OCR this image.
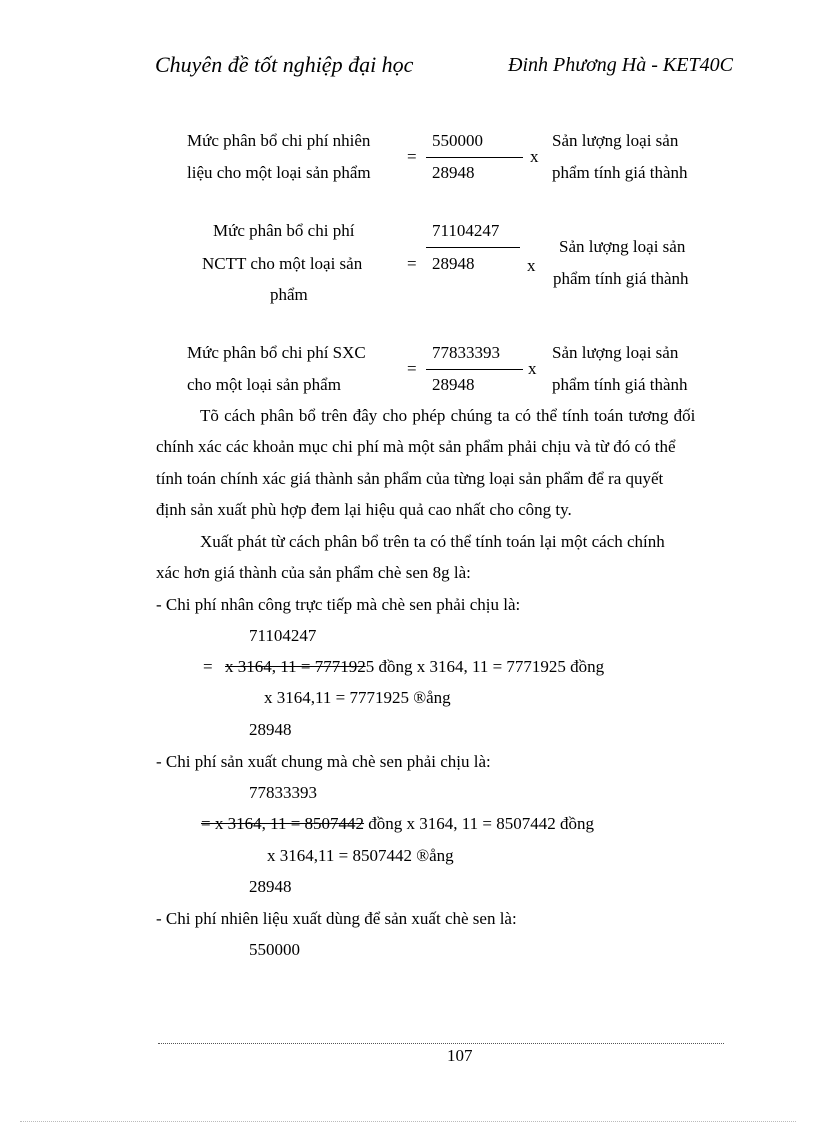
Chuyên đề tốt nghiệp đại học	Đinh Phương Hà - KET40C
Mức phân bổ chi phí nhiên
liệu cho một loại sản phẩm
=
550000
28948
x
Sản lượng loại sản
phẩm tính giá thành
Mức phân bổ chi phí
NCTT cho một loại sản
phẩm
=
71104247
28948	x
Sản lượng loại sản
phẩm tính giá thành
Mức phân bổ chi phí SXC
cho một loại sản phẩm
=
77833393
28948
x
Sản lượng loại sản
phẩm tính giá thành
Tõ cách phân bổ trên đây cho phép chúng ta có thể tính toán tương đối
chính xác các khoản mục chi phí mà một sản phẩm phải chịu và từ đó có thể
tính toán chính xác giá thành sản phẩm của từng loại sản phẩm để ra quyết
định sản xuất phù hợp đem lại hiệu quả cao nhất cho công ty.
Xuất phát từ cách phân bổ trên ta có thể tính toán lại một cách chính
xác hơn giá thành của sản phẩm chè sen 8g là:
- Chi phí nhân công trực tiếp mà chè sen phải chịu là:
71104247
= x 3164, 11 = 7771925 đồng x 3164, 11 = 7771925 đồng
x 3164,11 = 7771925 ®ång
28948
- Chi phí sản xuất chung mà chè sen phải chịu là:
77833393
= x 3164, 11 = 8507442 đồng x 3164, 11 = 8507442 đồng
x 3164,11 = 8507442 ®ång
28948
- Chi phí nhiên liệu xuất dùng để sản xuất chè sen là:
550000
107
